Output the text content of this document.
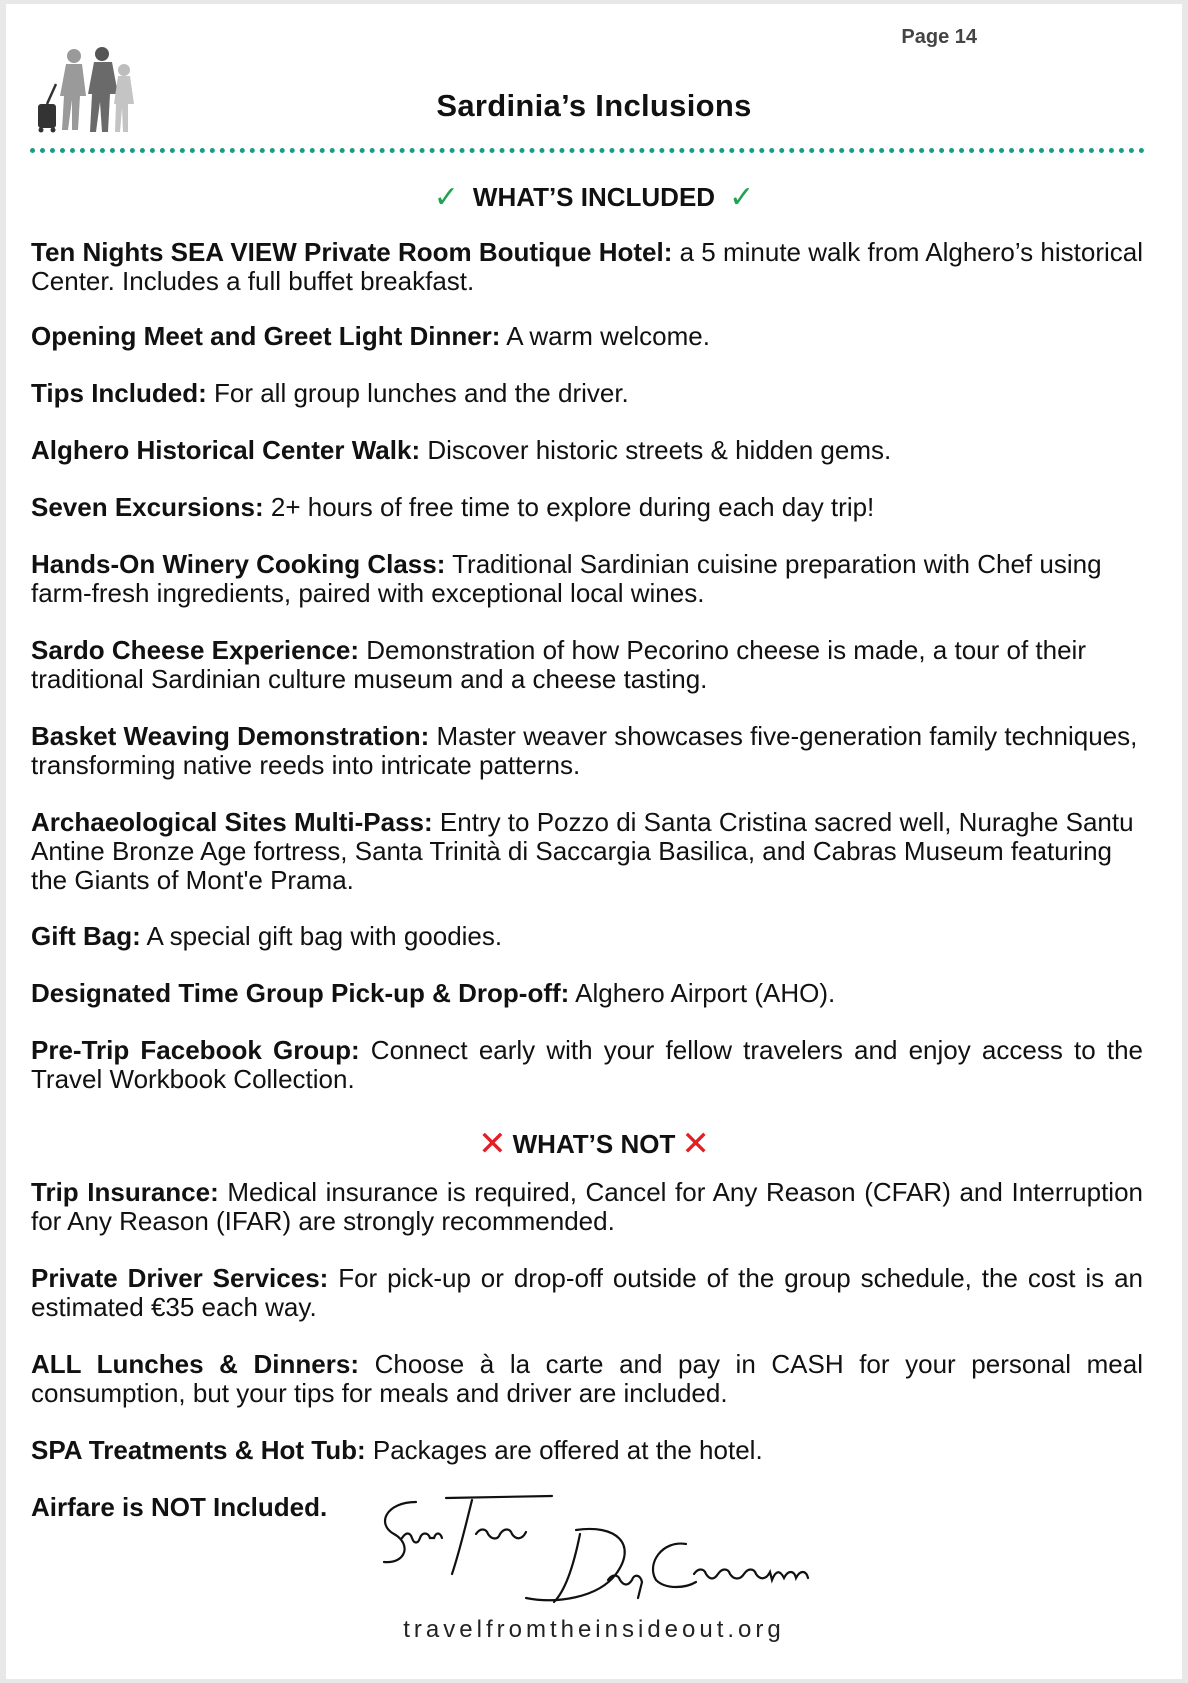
Page 14
Sardinia’s Inclusions
✓ WHAT’S INCLUDED ✓
Ten Nights SEA VIEW Private Room Boutique Hotel: a 5 minute walk from Alghero’s historical Center. Includes a full buffet breakfast.
Opening Meet and Greet Light Dinner: A warm welcome.
Tips Included: For all group lunches and the driver.
Alghero Historical Center Walk: Discover historic streets & hidden gems.
Seven Excursions: 2+ hours of free time to explore during each day trip!
Hands-On Winery Cooking Class: Traditional Sardinian cuisine preparation with Chef using farm-fresh ingredients, paired with exceptional local wines.
Sardo Cheese Experience: Demonstration of how Pecorino cheese is made, a tour of their traditional Sardinian culture museum and a cheese tasting.
Basket Weaving Demonstration: Master weaver showcases five-generation family techniques, transforming native reeds into intricate patterns.
Archaeological Sites Multi-Pass: Entry to Pozzo di Santa Cristina sacred well, Nuraghe Santu Antine Bronze Age fortress, Santa Trinità di Saccargia Basilica, and Cabras Museum featuring the Giants of Mont'e Prama.
Gift Bag: A special gift bag with goodies.
Designated Time Group Pick-up & Drop-off: Alghero Airport (AHO).
Pre-Trip Facebook Group: Connect early with your fellow travelers and enjoy access to the Travel Workbook Collection.
✕ WHAT’S NOT ✕
Trip Insurance: Medical insurance is required, Cancel for Any Reason (CFAR) and Interruption for Any Reason (IFAR) are strongly recommended.
Private Driver Services: For pick-up or drop-off outside of the group schedule, the cost is an estimated €35 each way.
ALL Lunches & Dinners: Choose à la carte and pay in CASH for your personal meal consumption, but your tips for meals and driver are included.
SPA Treatments & Hot Tub: Packages are offered at the hotel.
Airfare is NOT Included.
travelfromtheinsideout.org
